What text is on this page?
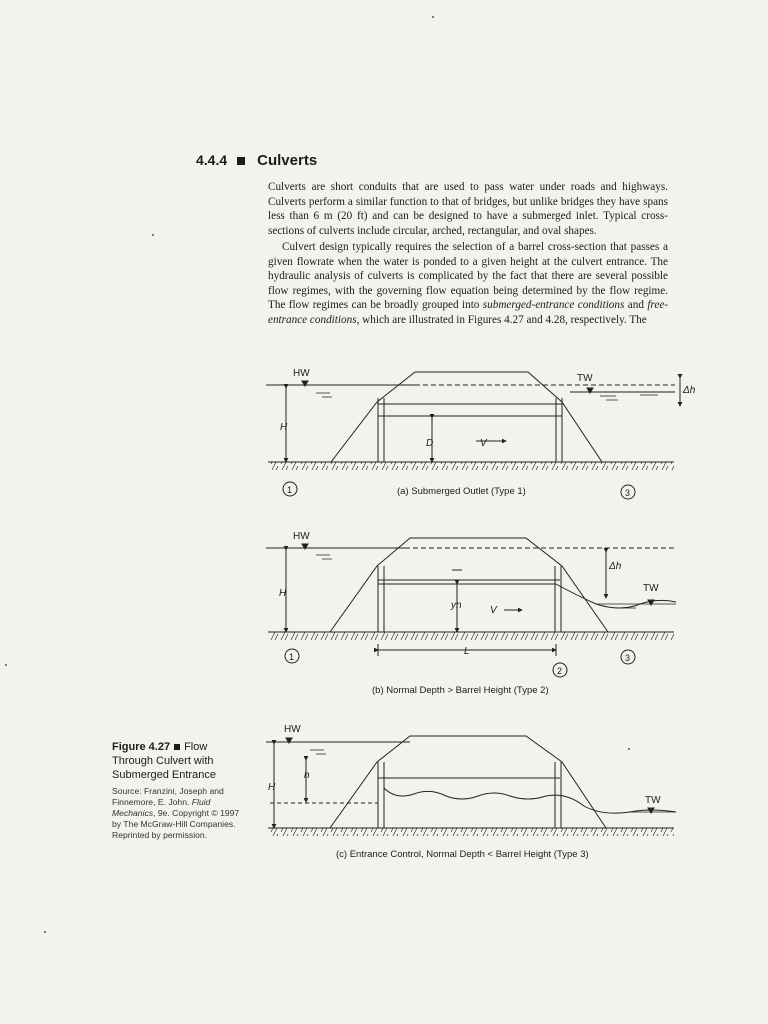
4.4.4 Culverts

Culverts are short conduits that are used to pass water under roads and highways. Culverts perform a similar function to that of bridges, but unlike bridges they have spans less than 6 m (20 ft) and can be designed to have a submerged inlet. Typical cross-sections of culverts include circular, arched, rectangular, and oval shapes.

Culvert design typically requires the selection of a barrel cross-section that passes a given flowrate when the water is ponded to a given height at the culvert entrance. The hydraulic analysis of culverts is complicated by the fact that there are several possible flow regimes, with the governing flow equation being determined by the flow regime. The flow regimes can be broadly grouped into submerged-entrance conditions and free-entrance conditions, which are illustrated in Figures 4.27 and 4.28, respectively. The

Figure 4.27 Flow Through Culvert with Submerged Entrance
Source: Franzini, Joseph and Finnemore, E. John. Fluid Mechanics, 9e. Copyright © 1997 by The McGraw-Hill Companies. Reprinted by permission.
HW	TW
Δh
H
D	V
1	3
(a) Submerged Outlet (Type 1)
HW
TW
Δh
H
yn	V
L
1
2
3
(b) Normal Depth > Barrel Height (Type 2)
HW
TW
H
h
(c) Entrance Control, Normal Depth < Barrel Height (Type 3)
